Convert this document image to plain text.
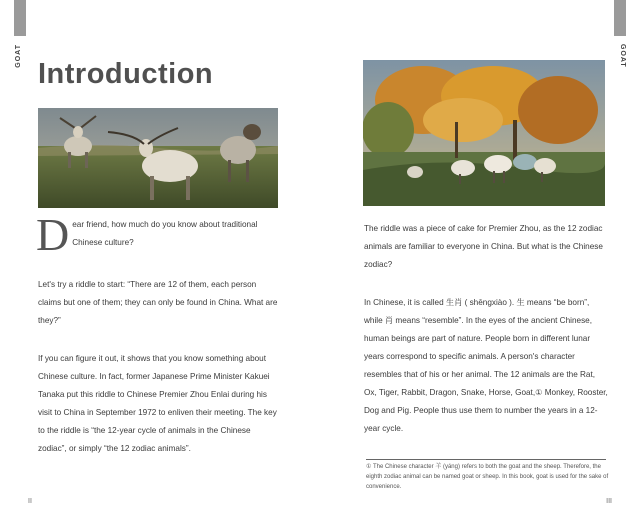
GOAT
Introduction

Dear friend, how much do you know about traditional Chinese culture?

Let's try a riddle to start: “There are 12 of them, each person claims but one of them; they can only be found in China. What are they?”

If you can figure it out, it shows that you know something about Chinese culture. In fact, former Japanese Prime Minister Kakuei Tanaka put this riddle to Chinese Premier Zhou Enlai during his visit to China in September 1972 to enliven their meeting. The key to the riddle is “the 12-year cycle of animals in the Chinese zodiac”, or simply “the 12 zodiac animals”.

II
GOAT

The riddle was a piece of cake for Premier Zhou, as the 12 zodiac animals are familiar to everyone in China. But what is the Chinese zodiac?

In Chinese, it is called 生肖 ( shēngxiào ). 生 means “be born”, while 肖 means “resemble”. In the eyes of the ancient Chinese, human beings are part of nature. People born in different lunar years correspond to specific animals. A person's character resembles that of his or her animal. The 12 animals are the Rat, Ox, Tiger, Rabbit, Dragon, Snake, Horse, Goat,① Monkey, Rooster, Dog and Pig. People thus use them to number the years in a 12-year cycle.

① The Chinese character 羊 (yáng) refers to both the goat and the sheep. Therefore, the eighth zodiac animal can be named goat or sheep. In this book, goat is used for the sake of convenience.
III
